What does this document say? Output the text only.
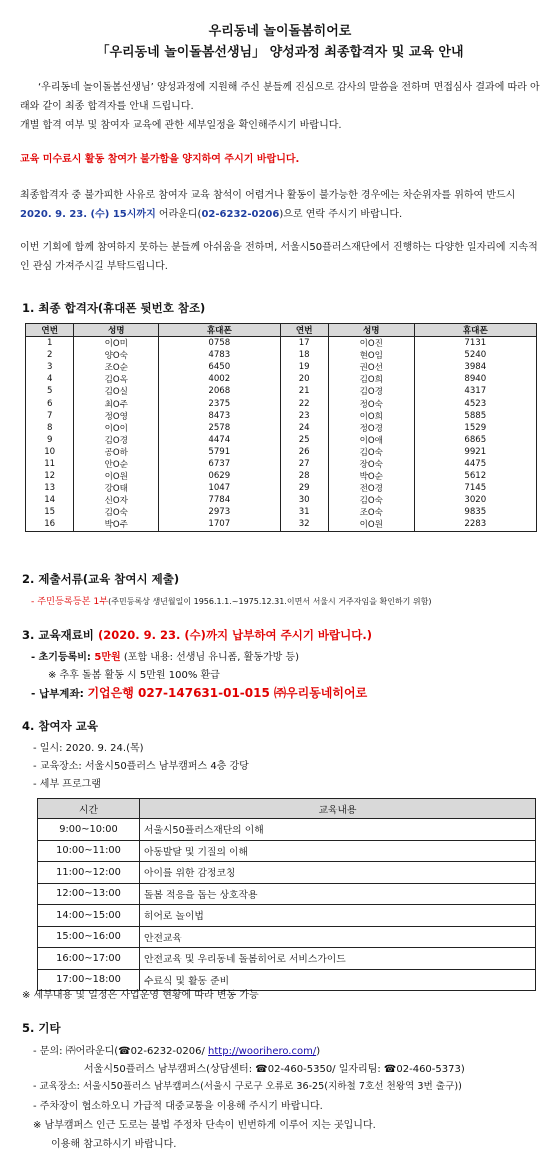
우리동네 놀이돌봄히어로
「우리동네 놀이돌봄선생님」 양성과정 최종합격자 및 교육 안내
‘우리동네 놀이돌봄선생님’ 양성과정에 지원해 주신 분들께 진심으로 감사의 말씀을 전하며 면접심사 결과에 따라 아래와 같이 최종 합격자를 안내 드립니다.
개별 합격 여부 및 참여자 교육에 관한 세부일정을 확인해주시기 바랍니다.
교육 미수료시 활동 참여가 불가함을 양지하여 주시기 바랍니다.
최종합격자 중 불가피한 사유로 참여자 교육 참석이 어렵거나 활동이 불가능한 경우에는 차순위자를 위하여 반드시 2020. 9. 23. (수) 15시까지 어라운디(02-6232-0206)으로 연락 주시기 바랍니다.
이번 기회에 함께 참여하지 못하는 분들께 아쉬움을 전하며, 서울시50플러스재단에서 진행하는 다양한 일자리에 지속적인 관심 가져주시길 부탁드립니다.
1. 최종 합격자(휴대폰 뒷번호 참조)
연번	성명	휴대폰	연번	성명	휴대폰
1	이O미	0758	17	이O진	7131
2	양O숙	4783	18	현O임	5240
3	조O순	6450	19	권O선	3984
4	김O옥	4002	20	김O희	8940
5	김O실	2068	21	김O경	4317
6	최O주	2375	22	정O숙	4523
7	정O영	8473	23	이O희	5885
8	이O이	2578	24	정O경	1529
9	김O경	4474	25	이O애	6865
10	공O하	5791	26	김O숙	9921
11	안O순	6737	27	장O숙	4475
12	이O원	0629	28	박O순	5612
13	강O태	1047	29	전O경	7145
14	신O자	7784	30	김O숙	3020
15	김O숙	2973	31	조O숙	9835
16	박O주	1707	32	이O원	2283
2. 제출서류(교육 참여시 제출)
- 주민등록등본 1부(주민등록상 생년월일이 1956.1.1.~1975.12.31.이면서 서울시 거주자임을 확인하기 위함)
3. 교육재료비 (2020. 9. 23. (수)까지 납부하여 주시기 바랍니다.)
- 초기등록비: 5만원 (포함 내용: 선생님 유니폼, 활동가방 등)
※ 추후 돌봄 활동 시 5만원 100% 환급
- 납부계좌: 기업은행 027-147631-01-015 ㈜우리동네히어로
4. 참여자 교육
- 일시: 2020. 9. 24.(목)
- 교육장소: 서울시50플러스 남부캠퍼스 4층 강당
- 세부 프로그램
시간	교육내용
9:00~10:00	서울시50플러스재단의 이해
10:00~11:00	아동발달 및 기질의 이해
11:00~12:00	아이를 위한 감정코칭
12:00~13:00	돌봄 적응을 돕는 상호작용
14:00~15:00	히어로 놀이법
15:00~16:00	안전교육
16:00~17:00	안전교육 및 우리동네 돌봄히어로 서비스가이드
17:00~18:00	수료식 및 활동 준비
※ 세부내용 및 일정은 사업운영 현황에 따라 변동 가능
5. 기타
- 문의: ㈜어라운디(☎02-6232-0206/ http://woorihero.com/)
서울시50플러스 남부캠퍼스(상담센터: ☎02-460-5350/ 일자리팀: ☎02-460-5373)
- 교육장소: 서울시50플러스 남부캠퍼스(서울시 구로구 오류로 36-25(지하철 7호선 천왕역 3번 출구))
- 주차장이 협소하오니 가급적 대중교통을 이용해 주시기 바랍니다.
※ 남부캠퍼스 인근 도로는 불법 주정차 단속이 빈번하게 이루어 지는 곳입니다.
이용해 참고하시기 바랍니다.
